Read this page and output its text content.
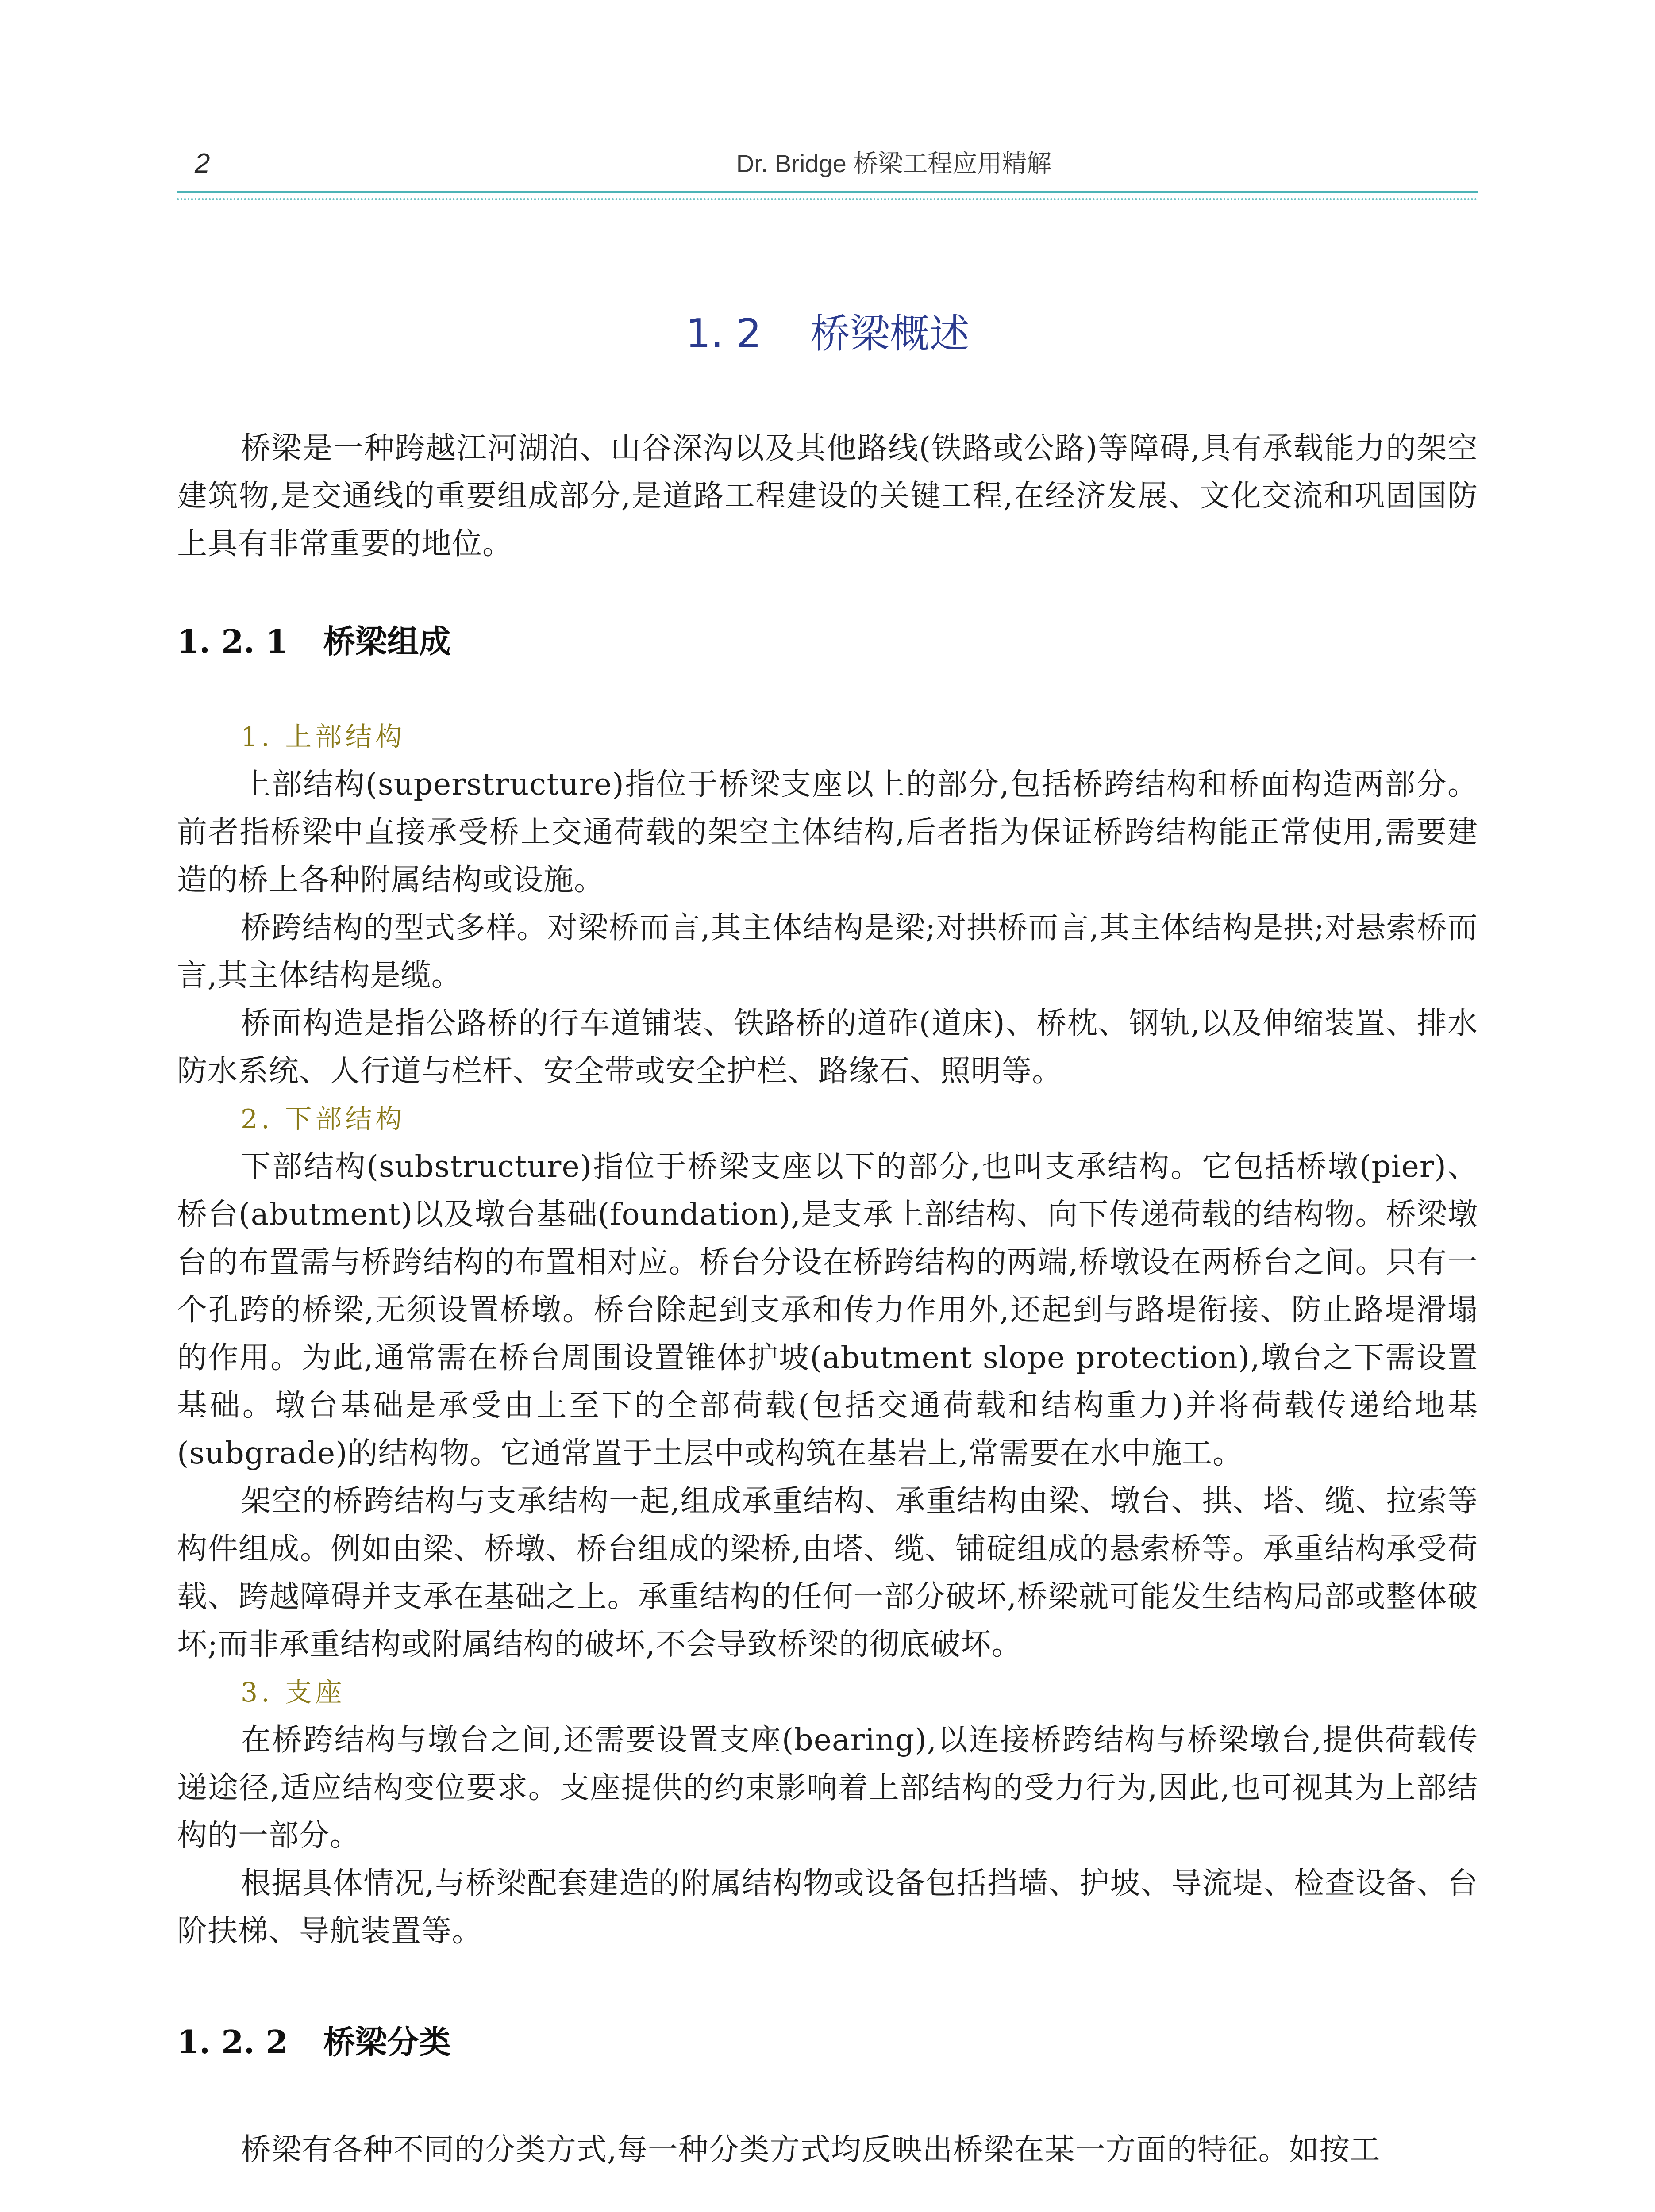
2	Dr. Bridge 桥梁工程应用精解
1. 2 桥梁概述

桥梁是一种跨越江河湖泊、山谷深沟以及其他路线(铁路或公路)等障碍,具有承载能力的架空建筑物,是交通线的重要组成部分,是道路工程建设的关键工程,在经济发展、文化交流和巩固国防上具有非常重要的地位。

1. 2. 1 桥梁组成
1. 上部结构

上部结构(superstructure)指位于桥梁支座以上的部分,包括桥跨结构和桥面构造两部分。前者指桥梁中直接承受桥上交通荷载的架空主体结构,后者指为保证桥跨结构能正常使用,需要建造的桥上各种附属结构或设施。

桥跨结构的型式多样。对梁桥而言,其主体结构是梁;对拱桥而言,其主体结构是拱;对悬索桥而言,其主体结构是缆。

桥面构造是指公路桥的行车道铺装、铁路桥的道砟(道床)、桥枕、钢轨,以及伸缩装置、排水防水系统、人行道与栏杆、安全带或安全护栏、路缘石、照明等。

2. 下部结构

下部结构(substructure)指位于桥梁支座以下的部分,也叫支承结构。它包括桥墩(pier)、桥台(abutment)以及墩台基础(foundation),是支承上部结构、向下传递荷载的结构物。桥梁墩台的布置需与桥跨结构的布置相对应。桥台分设在桥跨结构的两端,桥墩设在两桥台之间。只有一个孔跨的桥梁,无须设置桥墩。桥台除起到支承和传力作用外,还起到与路堤衔接、防止路堤滑塌的作用。为此,通常需在桥台周围设置锥体护坡(abutment slope protection),墩台之下需设置基础。墩台基础是承受由上至下的全部荷载(包括交通荷载和结构重力)并将荷载传递给地基(subgrade)的结构物。它通常置于土层中或构筑在基岩上,常需要在水中施工。

架空的桥跨结构与支承结构一起,组成承重结构、承重结构由梁、墩台、拱、塔、缆、拉索等构件组成。例如由梁、桥墩、桥台组成的梁桥,由塔、缆、铺碇组成的悬索桥等。承重结构承受荷载、跨越障碍并支承在基础之上。承重结构的任何一部分破坏,桥梁就可能发生结构局部或整体破坏;而非承重结构或附属结构的破坏,不会导致桥梁的彻底破坏。

3. 支座

在桥跨结构与墩台之间,还需要设置支座(bearing),以连接桥跨结构与桥梁墩台,提供荷载传递途径,适应结构变位要求。支座提供的约束影响着上部结构的受力行为,因此,也可视其为上部结构的一部分。

根据具体情况,与桥梁配套建造的附属结构物或设备包括挡墙、护坡、导流堤、检查设备、台阶扶梯、导航装置等。

1. 2. 2 桥梁分类

桥梁有各种不同的分类方式,每一种分类方式均反映出桥梁在某一方面的特征。如按工
